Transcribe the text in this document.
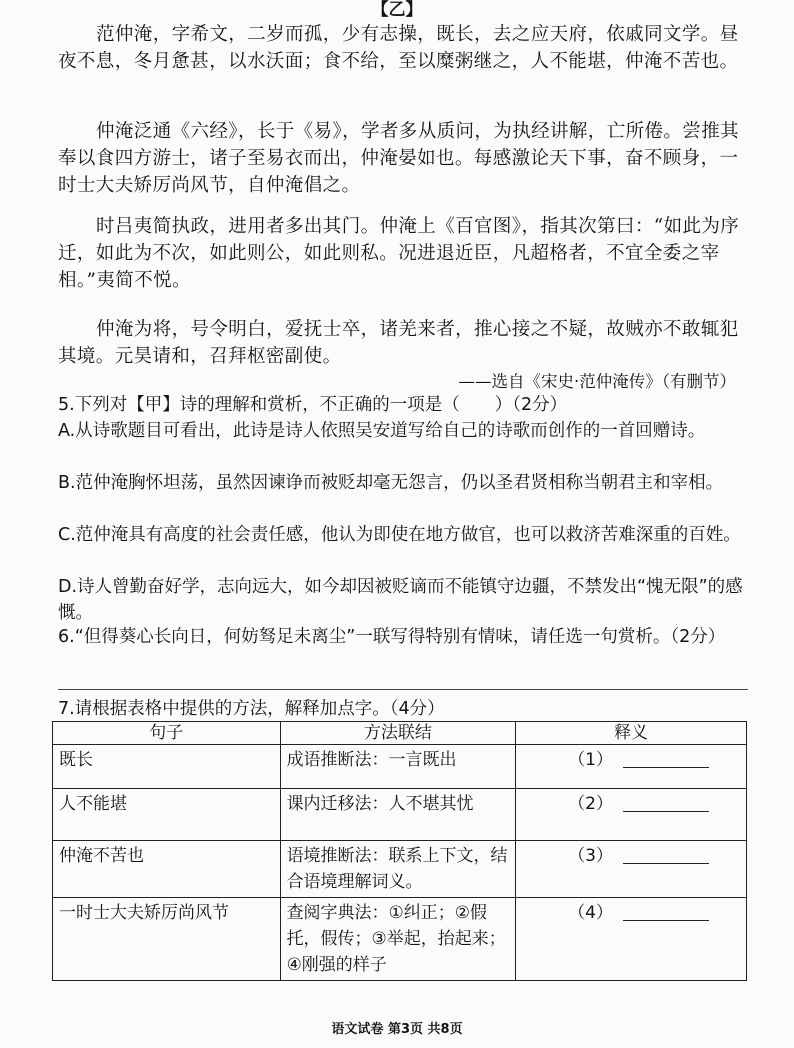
【乙】
范仲淹，字希文，二岁而孤，少有志操，既长，去之应天府，依戚同文学。昼夜不息，冬月惫甚，以水沃面；食不给，至以糜粥继之，人不能堪，仲淹不苦也。
仲淹泛通《六经》，长于《易》，学者多从质问，为执经讲解，亡所倦。尝推其奉以食四方游士，诸子至易衣而出，仲淹晏如也。每感激论天下事，奋不顾身，一时士大夫矫厉尚风节，自仲淹倡之。
时吕夷简执政，进用者多出其门。仲淹上《百官图》，指其次第曰：“如此为序迁，如此为不次，如此则公，如此则私。况进退近臣，凡超格者，不宜全委之宰相。”夷简不悦。
仲淹为将，号令明白，爱抚士卒，诸羌来者，推心接之不疑，故贼亦不敢辄犯其境。元昊请和，召拜枢密副使。
——选自《宋史·范仲淹传》（有删节）
5.下列对【甲】诗的理解和赏析，不正确的一项是（　　）（2分）
A.从诗歌题目可看出，此诗是诗人依照吴安道写给自己的诗歌而创作的一首回赠诗。
B.范仲淹胸怀坦荡，虽然因谏诤而被贬却毫无怨言，仍以圣君贤相称当朝君主和宰相。
C.范仲淹具有高度的社会责任感，他认为即使在地方做官，也可以救济苦难深重的百姓。
D.诗人曾勤奋好学，志向远大，如今却因被贬谪而不能镇守边疆，不禁发出“愧无限”的感慨。
6.“但得葵心长向日，何妨驽足未离尘”一联写得特别有情味，请任选一句赏析。（2分）
7.请根据表格中提供的方法，解释加点字。（4分）
句子	方法联结	释义
既长	成语推断法：一言既出	（1）
人不能堪	课内迁移法：人不堪其忧	（2）
仲淹不苦也	语境推断法：联系上下文，结合语境理解词义。	（3）
一时士大夫矫厉尚风节	查阅字典法：①纠正；②假托，假传；③举起，抬起来；④刚强的样子	（4）
语文试卷 第3页 共8页
